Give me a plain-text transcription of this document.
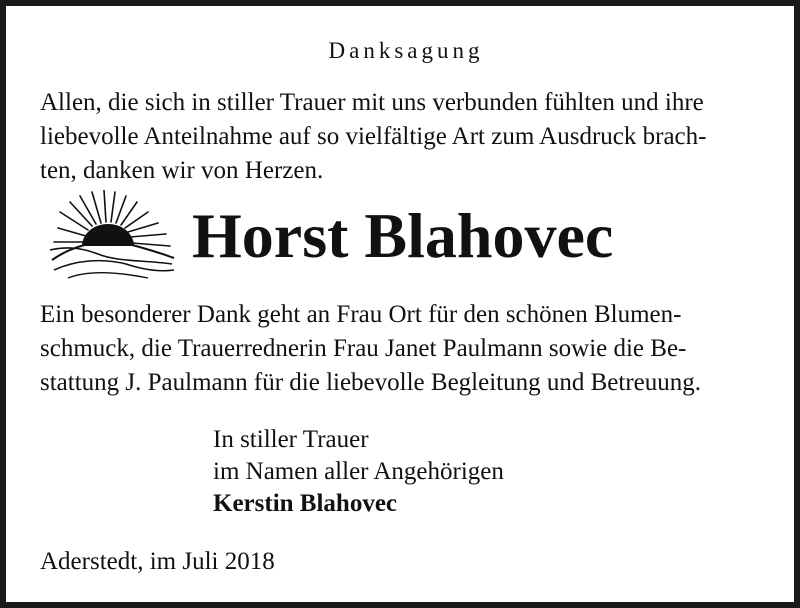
Danksagung
Allen, die sich in stiller Trauer mit uns verbunden fühlten und ihre
liebevolle Anteilnahme auf so vielfältige Art zum Ausdruck brach-
ten, danken wir von Herzen.
Horst Blahovec
Ein besonderer Dank geht an Frau Ort für den schönen Blumen-
schmuck, die Trauerrednerin Frau Janet Paulmann sowie die Be-
stattung J. Paulmann für die liebevolle Begleitung und Betreuung.
In stiller Trauer
im Namen aller Angehörigen
Kerstin Blahovec
Aderstedt, im Juli 2018
